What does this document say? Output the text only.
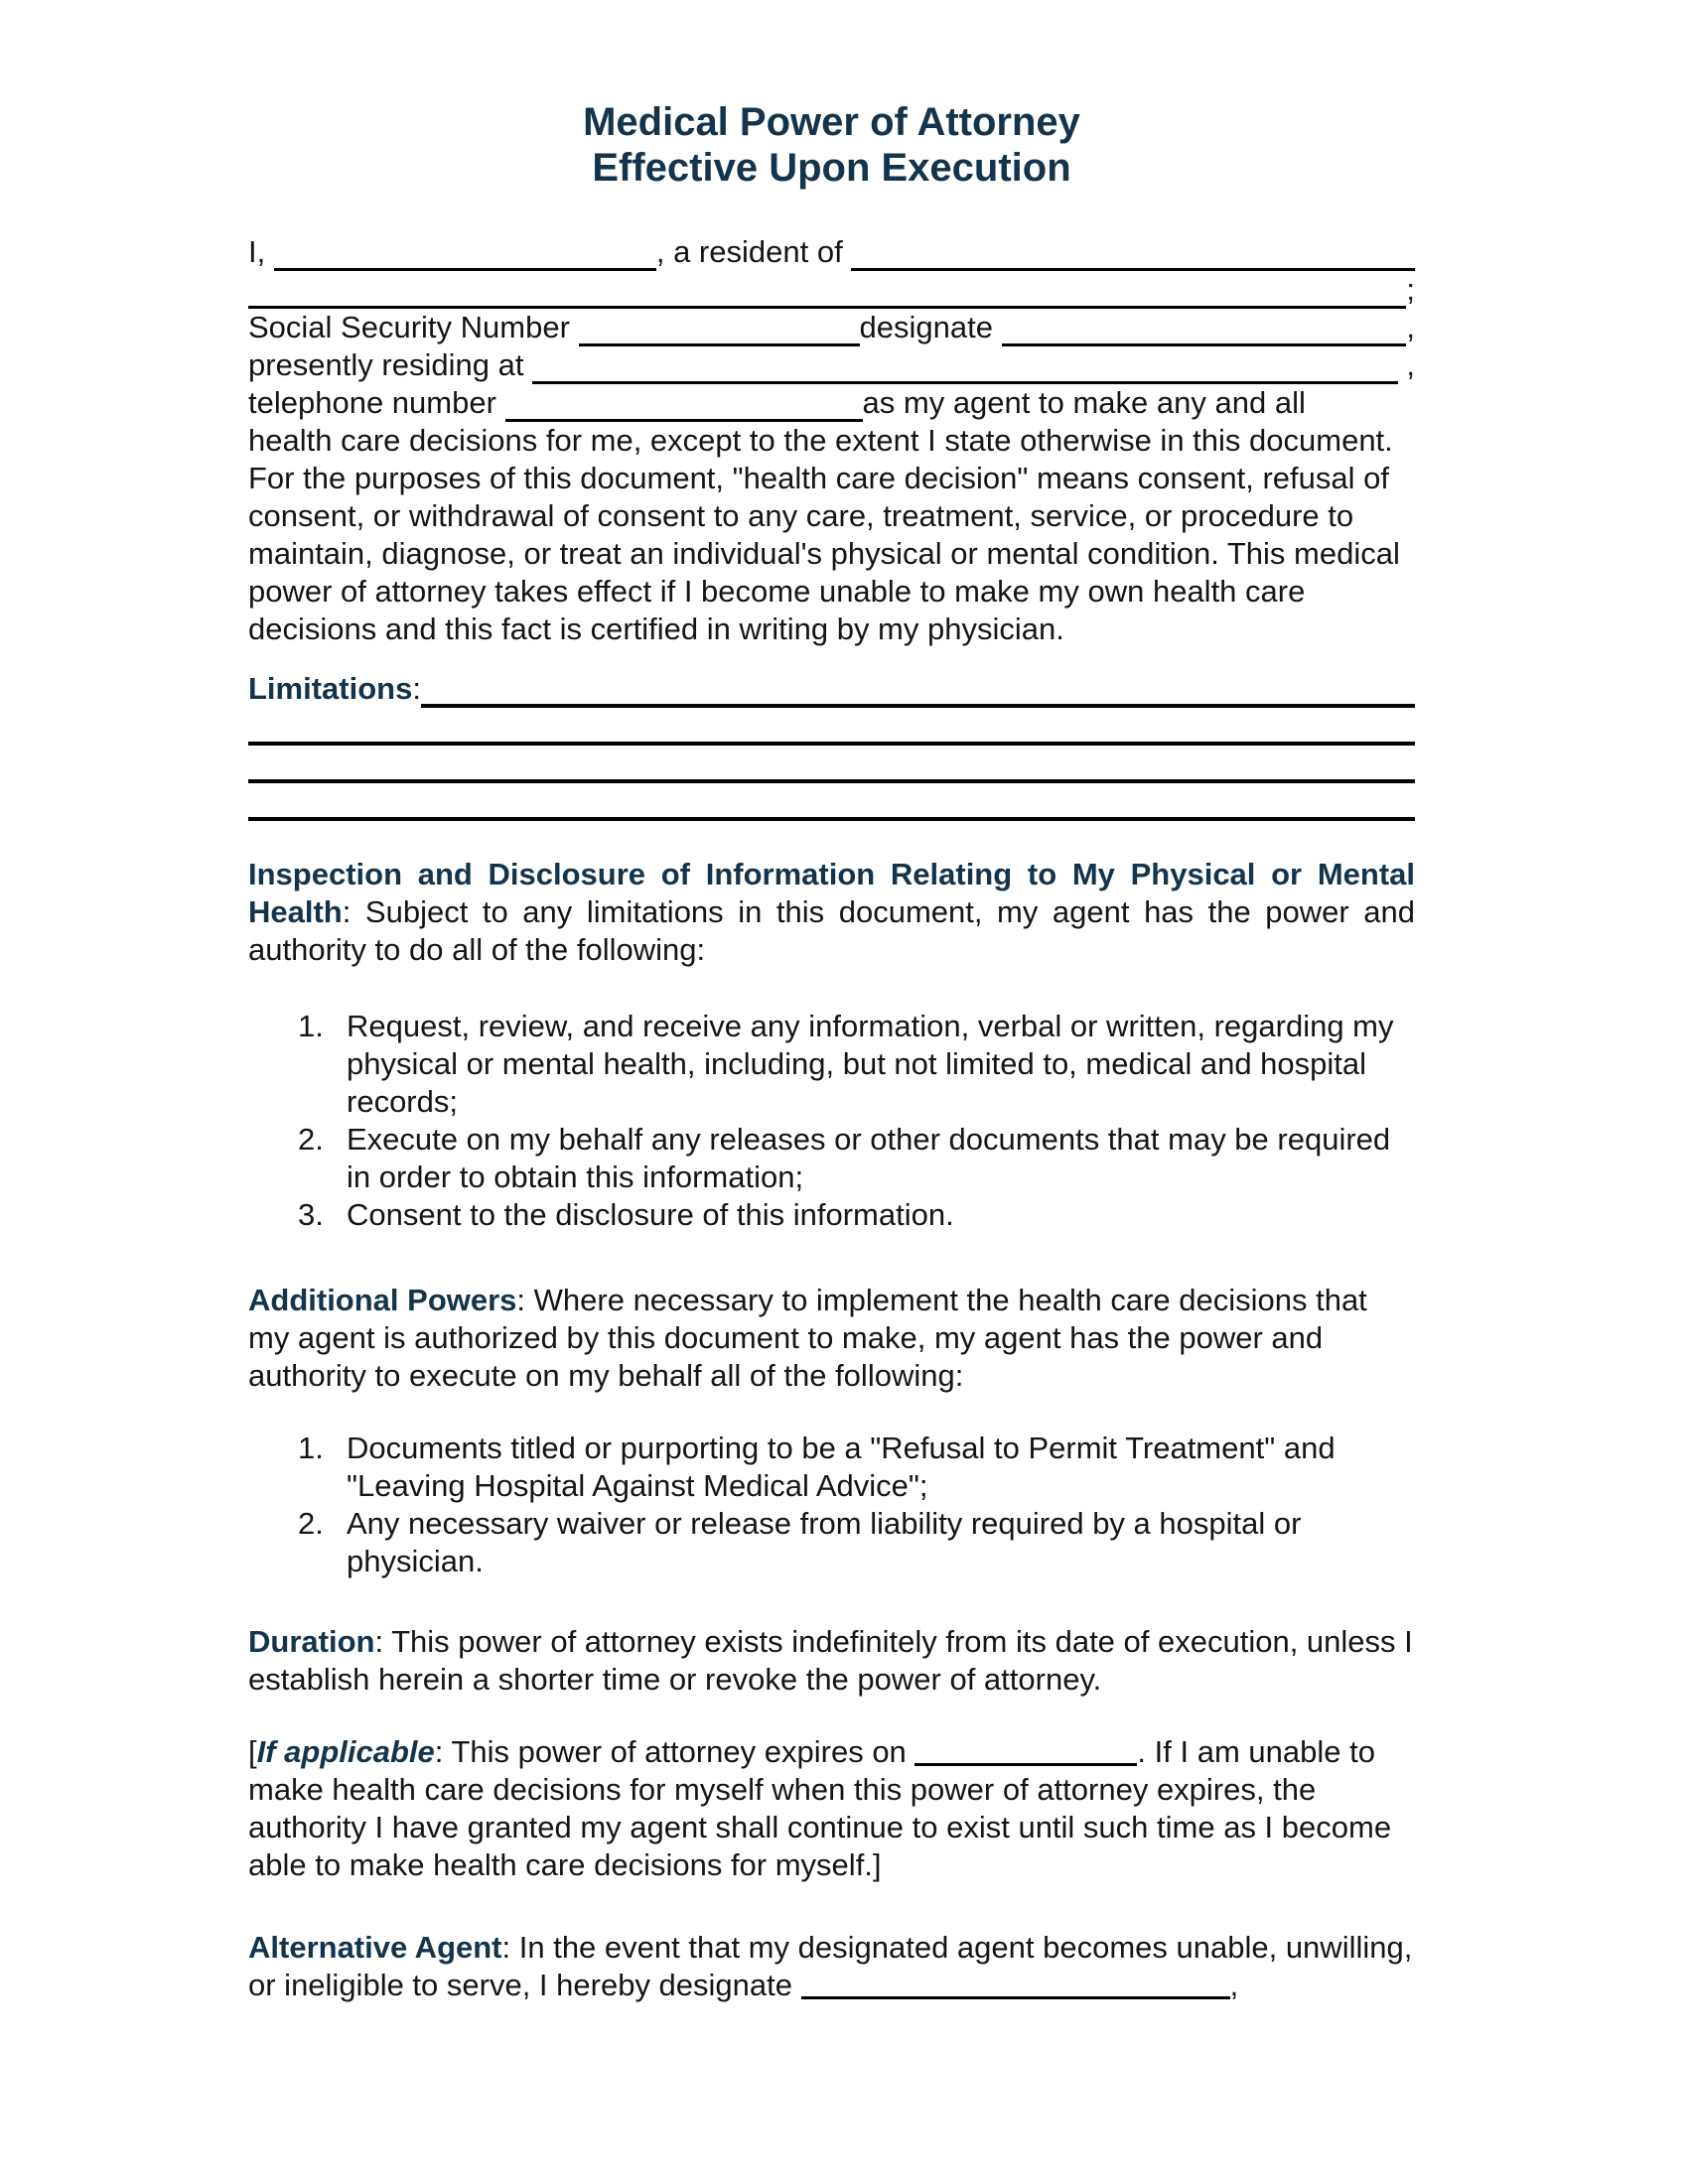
Medical Power of Attorney
Effective Upon Execution
I,	, a resident of
;
Social Security Number	designate	,
presently residing at	,
telephone number	as my agent to make any and all
health care decisions for me, except to the extent I state otherwise in this document. For the purposes of this document, "health care decision" means consent, refusal of consent, or withdrawal of consent to any care, treatment, service, or procedure to maintain, diagnose, or treat an individual's physical or mental condition. This medical power of attorney takes effect if I become unable to make my own health care decisions and this fact is certified in writing by my physician.
Limitations :
Inspection and Disclosure of Information Relating to My Physical or Mental Health: Subject to any limitations in this document, my agent has the power and authority to do all of the following:
1. Request, review, and receive any information, verbal or written, regarding my physical or mental health, including, but not limited to, medical and hospital records;
2. Execute on my behalf any releases or other documents that may be required in order to obtain this information;
3. Consent to the disclosure of this information.
Additional Powers: Where necessary to implement the health care decisions that my agent is authorized by this document to make, my agent has the power and authority to execute on my behalf all of the following:
1. Documents titled or purporting to be a "Refusal to Permit Treatment" and "Leaving Hospital Against Medical Advice";
2. Any necessary waiver or release from liability required by a hospital or physician.
Duration: This power of attorney exists indefinitely from its date of execution, unless I establish herein a shorter time or revoke the power of attorney.
[If applicable: This power of attorney expires on	. If I am unable to make health care decisions for myself when this power of attorney expires, the authority I have granted my agent shall continue to exist until such time as I become able to make health care decisions for myself.]
Alternative Agent: In the event that my designated agent becomes unable, unwilling, or ineligible to serve, I hereby designate	,
